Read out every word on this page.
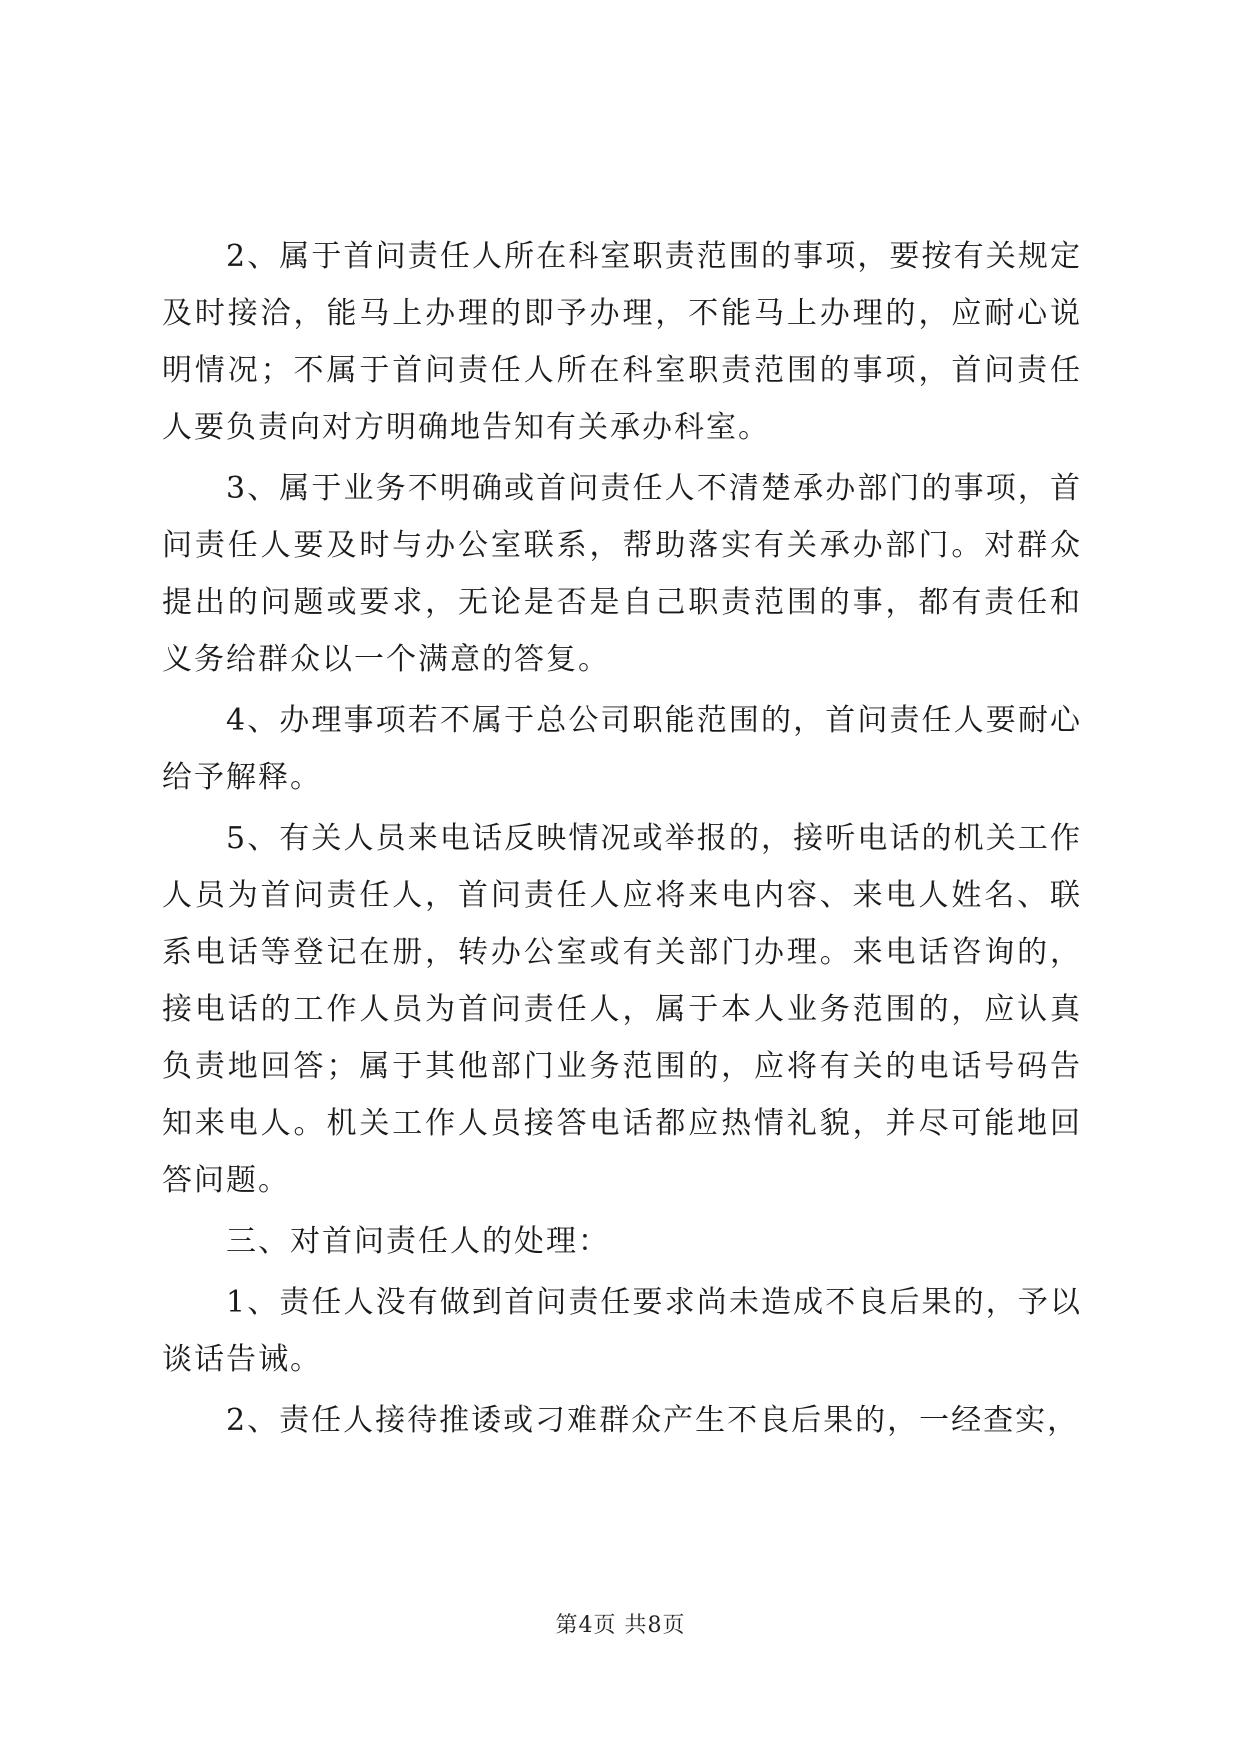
2、属于首问责任人所在科室职责范围的事项，要按有关规定及时接洽，能马上办理的即予办理，不能马上办理的，应耐心说明情况；不属于首问责任人所在科室职责范围的事项，首问责任人要负责向对方明确地告知有关承办科室。

3、属于业务不明确或首问责任人不清楚承办部门的事项，首问责任人要及时与办公室联系，帮助落实有关承办部门。对群众提出的问题或要求，无论是否是自己职责范围的事，都有责任和义务给群众以一个满意的答复。

4、办理事项若不属于总公司职能范围的，首问责任人要耐心给予解释。

5、有关人员来电话反映情况或举报的，接听电话的机关工作人员为首问责任人，首问责任人应将来电内容、来电人姓名、联系电话等登记在册，转办公室或有关部门办理。来电话咨询的，接电话的工作人员为首问责任人，属于本人业务范围的，应认真负责地回答；属于其他部门业务范围的，应将有关的电话号码告知来电人。机关工作人员接答电话都应热情礼貌，并尽可能地回答问题。

三、对首问责任人的处理：

1、责任人没有做到首问责任要求尚未造成不良后果的，予以谈话告诫。

2、责任人接待推诿或刁难群众产生不良后果的，一经查实，

第4页 共8页
